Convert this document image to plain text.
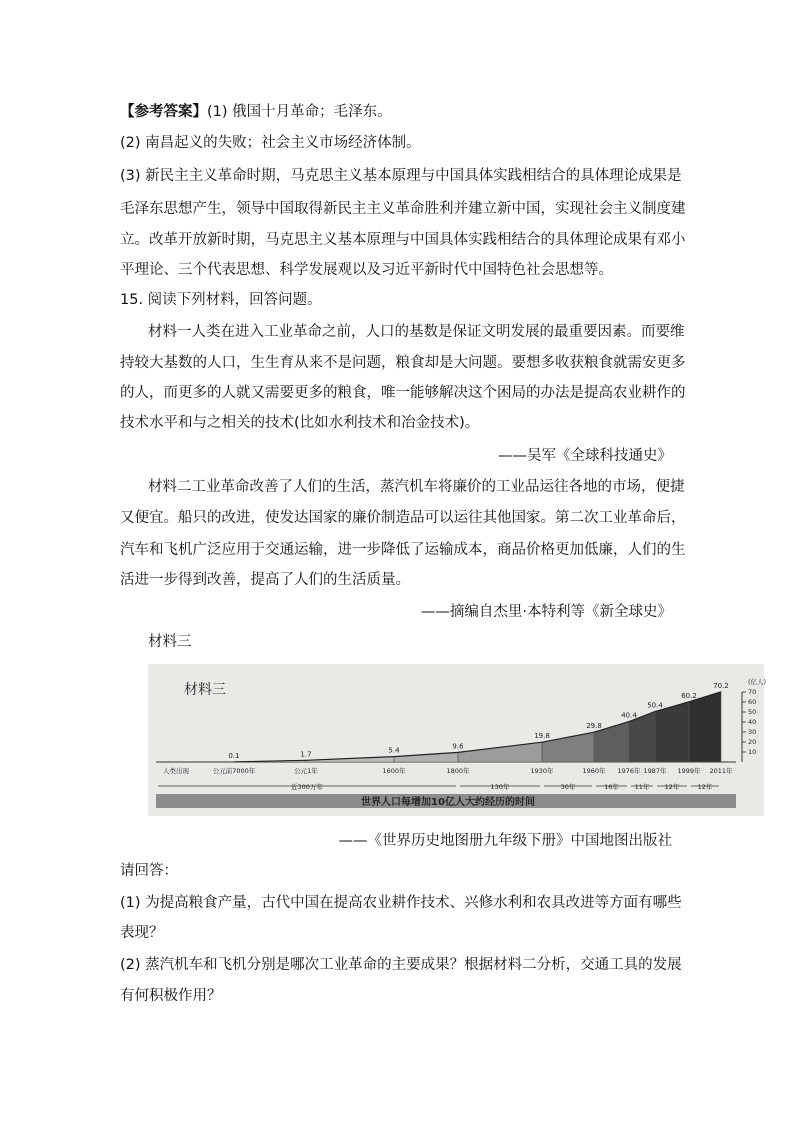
【参考答案】(1) 俄国十月革命；毛泽东。
(2) 南昌起义的失败；社会主义市场经济体制。
(3) 新民主主义革命时期，马克思主义基本原理与中国具体实践相结合的具体理论成果是
毛泽东思想产生，领导中国取得新民主主义革命胜利并建立新中国，实现社会主义制度建
立。改革开放新时期，马克思主义基本原理与中国具体实践相结合的具体理论成果有邓小
平理论、三个代表思想、科学发展观以及习近平新时代中国特色社会思想等。
15. 阅读下列材料，回答问题。
材料一人类在进入工业革命之前，人口的基数是保证文明发展的最重要因素。而要维
持较大基数的人口，生生育从来不是问题，粮食却是大问题。要想多收获粮食就需安更多
的人，而更多的人就又需要更多的粮食，唯一能够解决这个困局的办法是提高农业耕作的
技术水平和与之相关的技术(比如水利技术和冶金技术)。
——吴军《全球科技通史》
材料二工业革命改善了人们的生活，蒸汽机车将廉价的工业品运往各地的市场，便捷
又便宜。船只的改进，使发达国家的廉价制造品可以运往其他国家。第二次工业革命后，
汽车和飞机广泛应用于交通运输，进一步降低了运输成本，商品价格更加低廉，人们的生
活进一步得到改善，提高了人们的生活质量。
——摘编自杰里·本特利等《新全球史》
材料三
材料三
0.1	1.7	5.4
9.6
19.8
29.8
40.4
50.4
60.2
70.2
人类出现	公元前7000年	公元1年	1600年	1800年	1930年	1960年 1976年 1987年 1999年 2011年
10
20
30
40
50
60
70
(亿人)
近300万年	130年	30年	16年 11年 12年	12年
世界人口每增加10亿人大约经历的时间
——《世界历史地图册九年级下册》中国地图出版社
请回答：
(1) 为提高粮食产量，古代中国在提高农业耕作技术、兴修水利和农具改进等方面有哪些
表现？
(2) 蒸汽机车和飞机分别是哪次工业革命的主要成果？根据材料二分析，交通工具的发展
有何积极作用？
